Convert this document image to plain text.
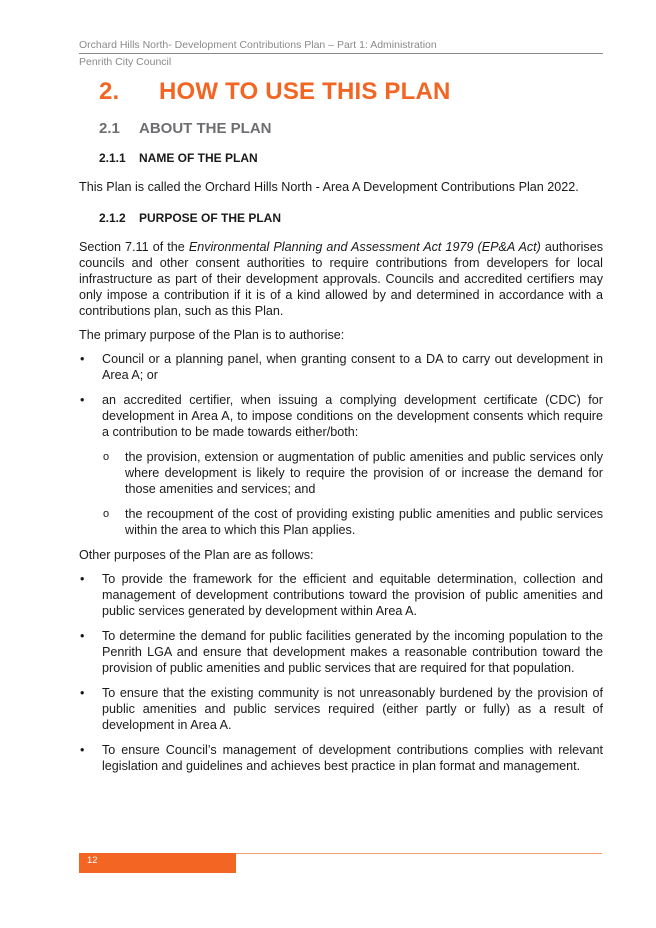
Orchard Hills North- Development Contributions Plan – Part 1: Administration
Penrith City Council
2.	HOW TO USE THIS PLAN
2.1	ABOUT THE PLAN
2.1.1	NAME OF THE PLAN

This Plan is called the Orchard Hills North - Area A Development Contributions Plan 2022.

2.1.2	PURPOSE OF THE PLAN

Section 7.11 of the Environmental Planning and Assessment Act 1979 (EP&A Act) authorises councils and other consent authorities to require contributions from developers for local infrastructure as part of their development approvals. Councils and accredited certifiers may only impose a contribution if it is of a kind allowed by and determined in accordance with a contributions plan, such as this Plan.

The primary purpose of the Plan is to authorise:

• Council or a planning panel, when granting consent to a DA to carry out development in Area A; or
• an accredited certifier, when issuing a complying development certificate (CDC) for development in Area A, to impose conditions on the development consents which require a contribution to be made towards either/both:
o the provision, extension or augmentation of public amenities and public services only where development is likely to require the provision of or increase the demand for those amenities and services; and
o the recoupment of the cost of providing existing public amenities and public services within the area to which this Plan applies.

Other purposes of the Plan are as follows:

• To provide the framework for the efficient and equitable determination, collection and management of development contributions toward the provision of public amenities and public services generated by development within Area A.
• To determine the demand for public facilities generated by the incoming population to the Penrith LGA and ensure that development makes a reasonable contribution toward the provision of public amenities and public services that are required for that population.
• To ensure that the existing community is not unreasonably burdened by the provision of public amenities and public services required (either partly or fully) as a result of development in Area A.
• To ensure Council’s management of development contributions complies with relevant legislation and guidelines and achieves best practice in plan format and management.
12
